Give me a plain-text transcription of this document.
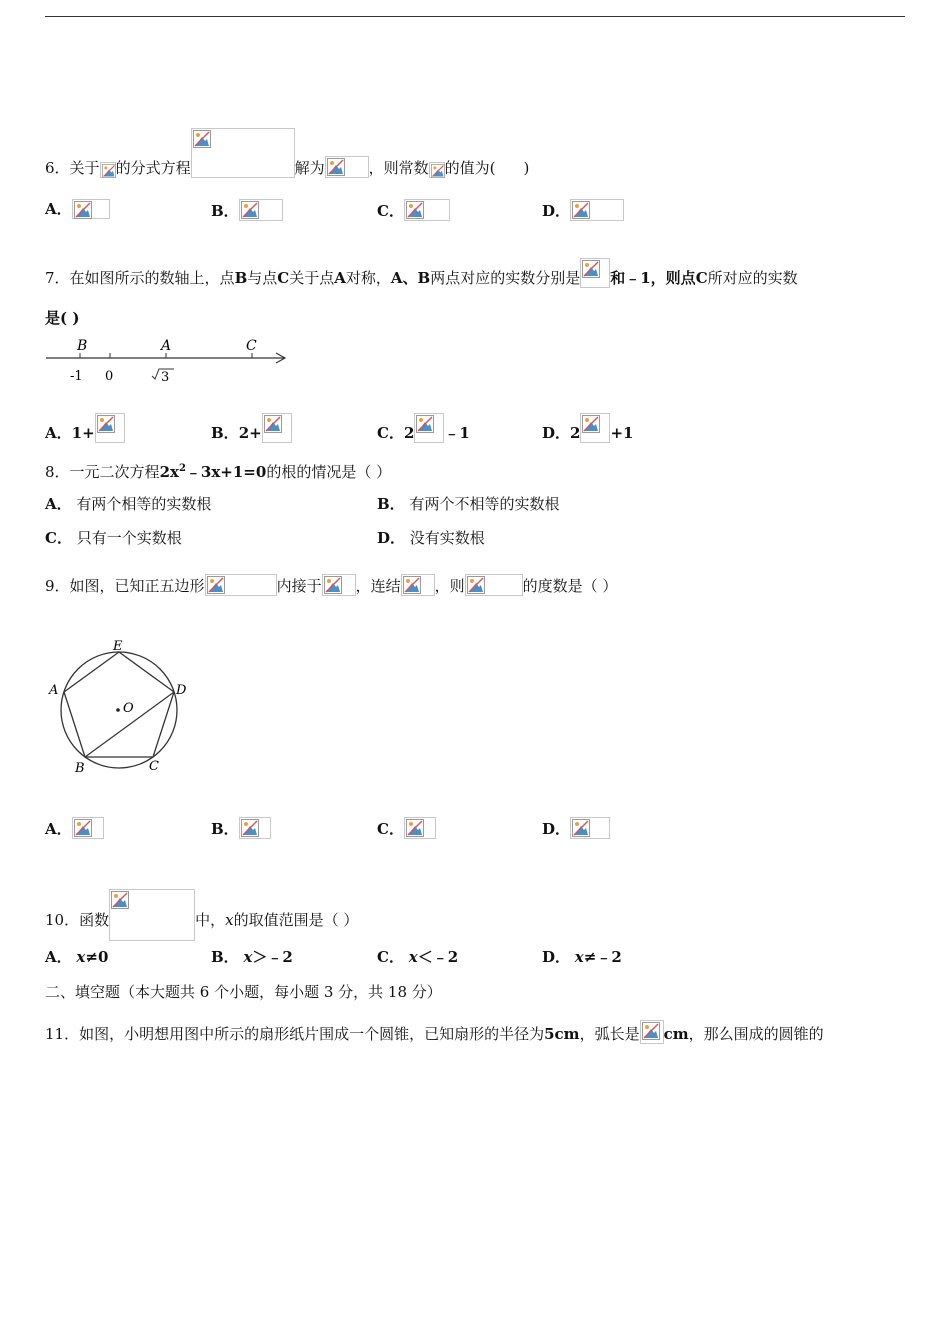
6．关于 的分式方程	解为	，则常数 的值为( )
A．	B．	C．	D．
7．在如图所示的数轴上，点B与点C关于点A对称，A、B两点对应的实数分别是 和﹣1，则点C所对应的实数
是( )
B	A	C
-1 0	3
A．1+	B．2+	C．2 ﹣1	D．2 +1
8．一元二次方程$2x^2﹣3x+1=0$的根的情况是（ ）
A． 有两个相等的实数根	B． 有两个不相等的实数根
C． 只有一个实数根	D． 没有实数根
9．如图，已知正五边形	内接于 ，连结 ，则	的度数是（ ）
E
A	D
O
B	C
A．	B．	C．	D．
10．函数	中，x的取值范围是（ ）
A． x≠0	B． x＞﹣2	C． x＜﹣2	D． x≠﹣2
二、填空题（本大题共 6 个小题，每小题 3 分，共 18 分）
11．如图，小明想用图中所示的扇形纸片围成一个圆锥，已知扇形的半径为5cm，弧长是 cm，那么围成的圆锥的
